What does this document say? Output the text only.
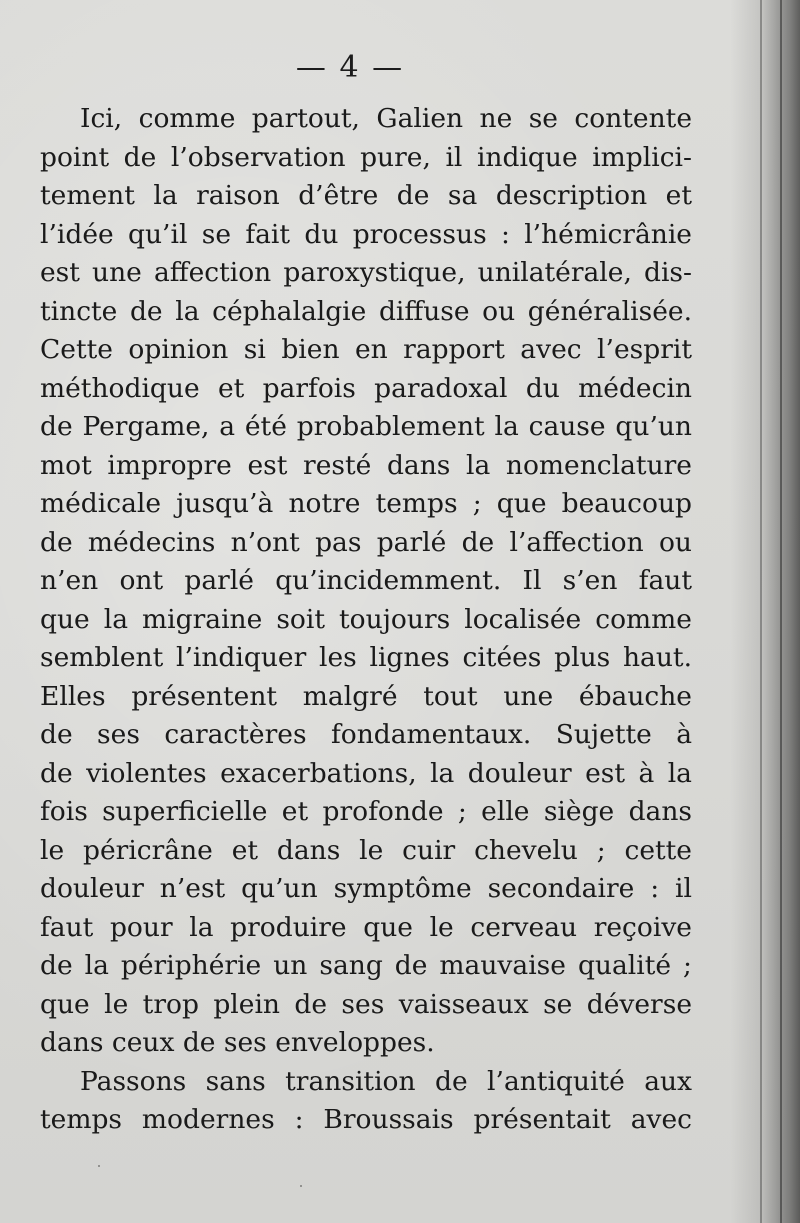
— 4 —
Ici, comme partout, Galien ne se contente
point de l’observation pure, il indique implici-
tement la raison d’être de sa description et
l’idée qu’il se fait du processus : l’hémicrânie
est une affection paroxystique, unilatérale, dis-
tincte de la céphalalgie diffuse ou généralisée.
Cette opinion si bien en rapport avec l’esprit
méthodique et parfois paradoxal du médecin
de Pergame, a été probablement la cause qu’un
mot impropre est resté dans la nomenclature
médicale jusqu’à notre temps ; que beaucoup
de médecins n’ont pas parlé de l’affection ou
n’en ont parlé qu’incidemment. Il s’en faut
que la migraine soit toujours localisée comme
semblent l’indiquer les lignes citées plus haut.
Elles présentent malgré tout une ébauche
de ses caractères fondamentaux. Sujette à
de violentes exacerbations, la douleur est à la
fois superficielle et profonde ; elle siège dans
le péricrâne et dans le cuir chevelu ; cette
douleur n’est qu’un symptôme secondaire : il
faut pour la produire que le cerveau reçoive
de la périphérie un sang de mauvaise qualité ;
que le trop plein de ses vaisseaux se déverse
dans ceux de ses enveloppes.
Passons sans transition de l’antiquité aux
temps modernes : Broussais présentait avec
